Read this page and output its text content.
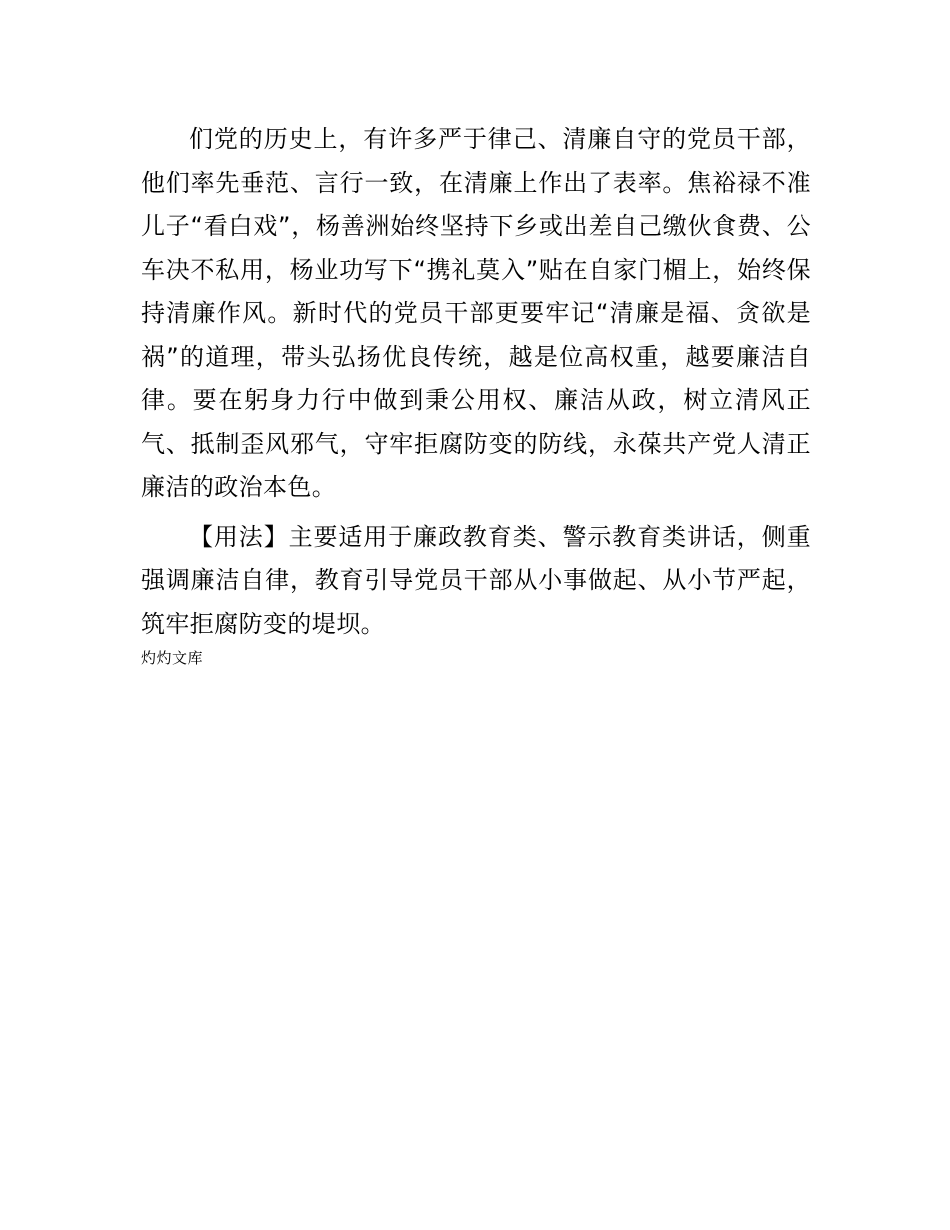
们党的历史上，有许多严于律己、清廉自守的党员干部，他们率先垂范、言行一致，在清廉上作出了表率。焦裕禄不准儿子“看白戏”，杨善洲始终坚持下乡或出差自己缴伙食费、公车决不私用，杨业功写下“携礼莫入”贴在自家门楣上，始终保持清廉作风。新时代的党员干部更要牢记“清廉是福、贪欲是祸”的道理，带头弘扬优良传统，越是位高权重，越要廉洁自律。要在躬身力行中做到秉公用权、廉洁从政，树立清风正气、抵制歪风邪气，守牢拒腐防变的防线，永葆共产党人清正廉洁的政治本色。

【用法】主要适用于廉政教育类、警示教育类讲话，侧重强调廉洁自律，教育引导党员干部从小事做起、从小节严起，筑牢拒腐防变的堤坝。

灼灼文库
